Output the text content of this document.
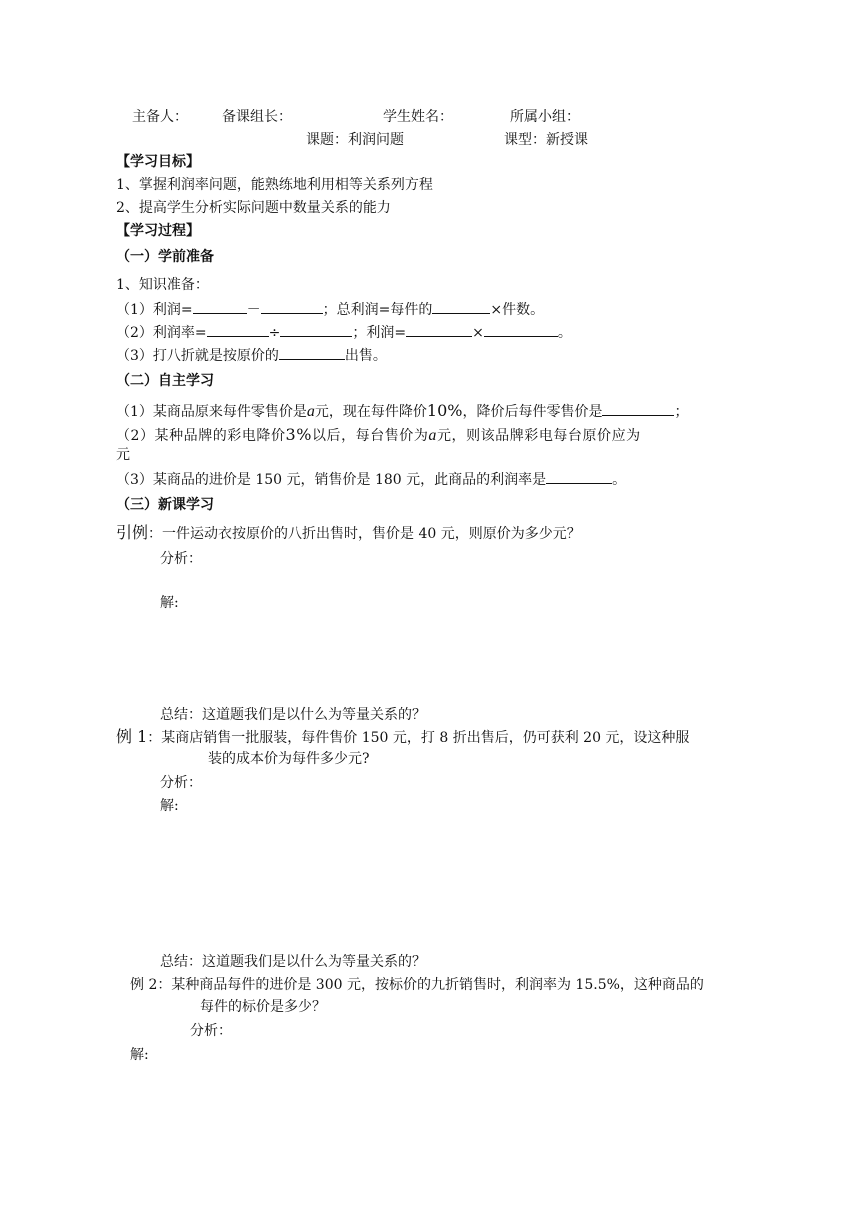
主备人： 备课组长：	学生姓名：	所属小组：
课题：利润问题	课型：新授课
【学习目标】
1、掌握利润率问题，能熟练地利用相等关系列方程
2、提高学生分析实际问题中数量关系的能力
【学习过程】
（一）学前准备
1、知识准备：
（1）利润=	－	；总利润=每件的	×件数。
（2）利润率=	÷	；利润=	×	。
（3）打八折就是按原价的	出售。
（二）自主学习
（1）某商品原来每件零售价是a元，现在每件降价10%，降价后每件零售价是	；
（2）某种品牌的彩电降价3%以后，每台售价为a元，则该品牌彩电每台原价应为
元
（3）某商品的进价是 150 元，销售价是 180 元，此商品的利润率是	。
（三）新课学习
引例：一件运动衣按原价的八折出售时，售价是 40 元，则原价为多少元？
分析：
解:
总结：这道题我们是以什么为等量关系的？
例 1：某商店销售一批服装，每件售价 150 元，打 8 折出售后，仍可获利 20 元，设这种服
装的成本价为每件多少元?
分析：
解:
总结：这道题我们是以什么为等量关系的？
例 2：某种商品每件的进价是 300 元，按标价的九折销售时，利润率为 15.5%，这种商品的
每件的标价是多少？
分析：
解:
